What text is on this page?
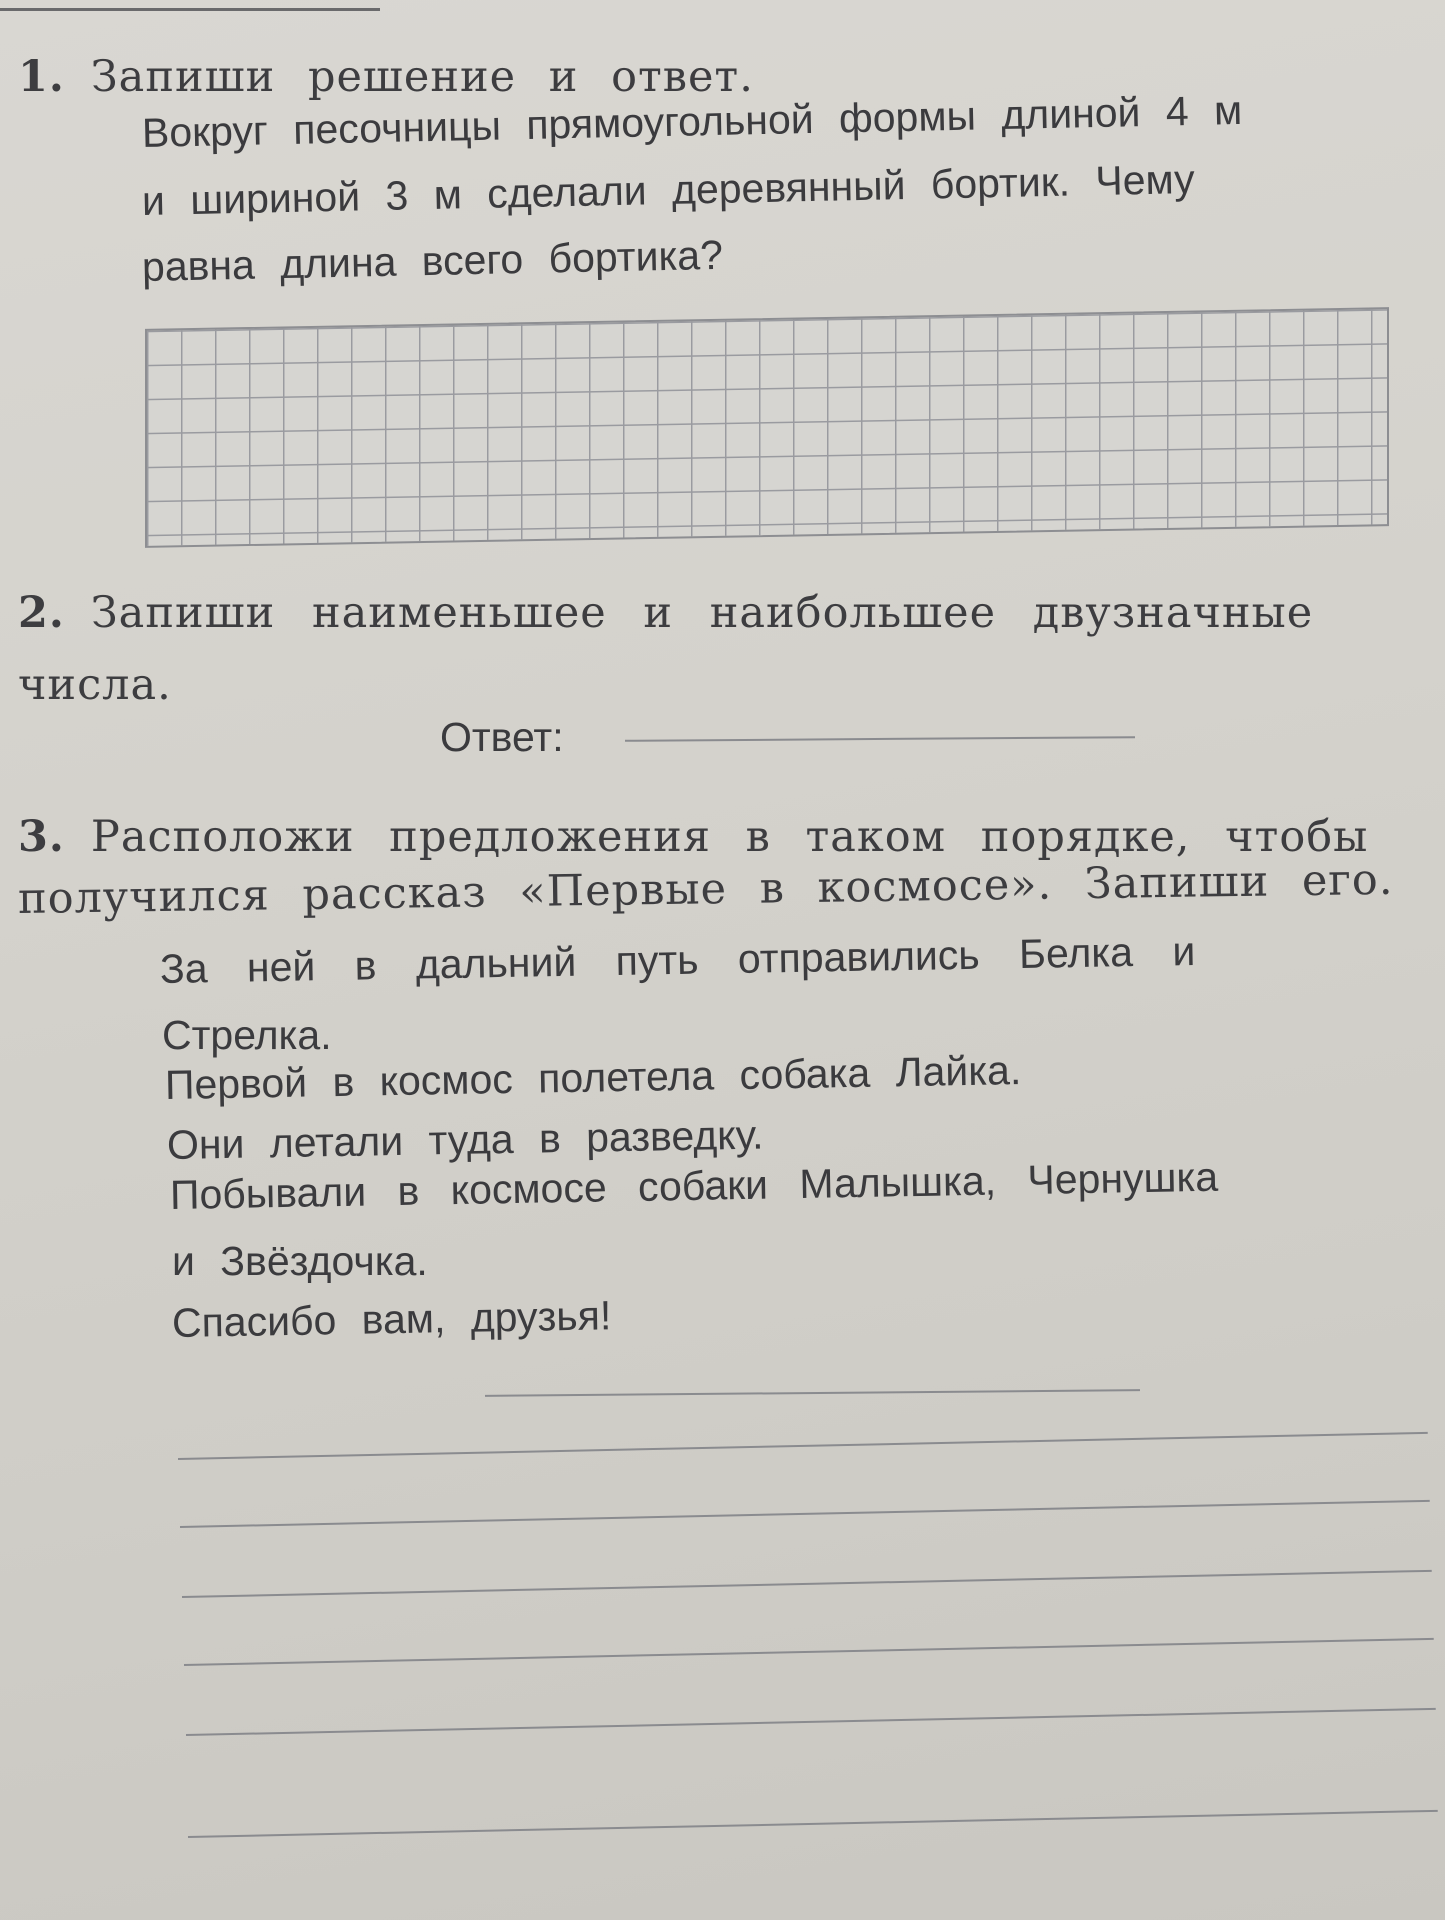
1. Запиши решение и ответ.
Вокруг песочницы прямоугольной формы длиной 4 м
и шириной 3 м сделали деревянный бортик. Чему
равна длина всего бортика?
2. Запиши наименьшее и наибольшее двузначные
числа.
Ответ:
3. Расположи предложения в таком порядке, чтобы
получился рассказ «Первые в космосе». Запиши его.
За ней в дальний путь отправились Белка и
Стрелка.
Первой в космос полетела собака Лайка.
Они летали туда в разведку.
Побывали в космосе собаки Малышка, Чернушка
и Звёздочка.
Спасибо вам, друзья!
